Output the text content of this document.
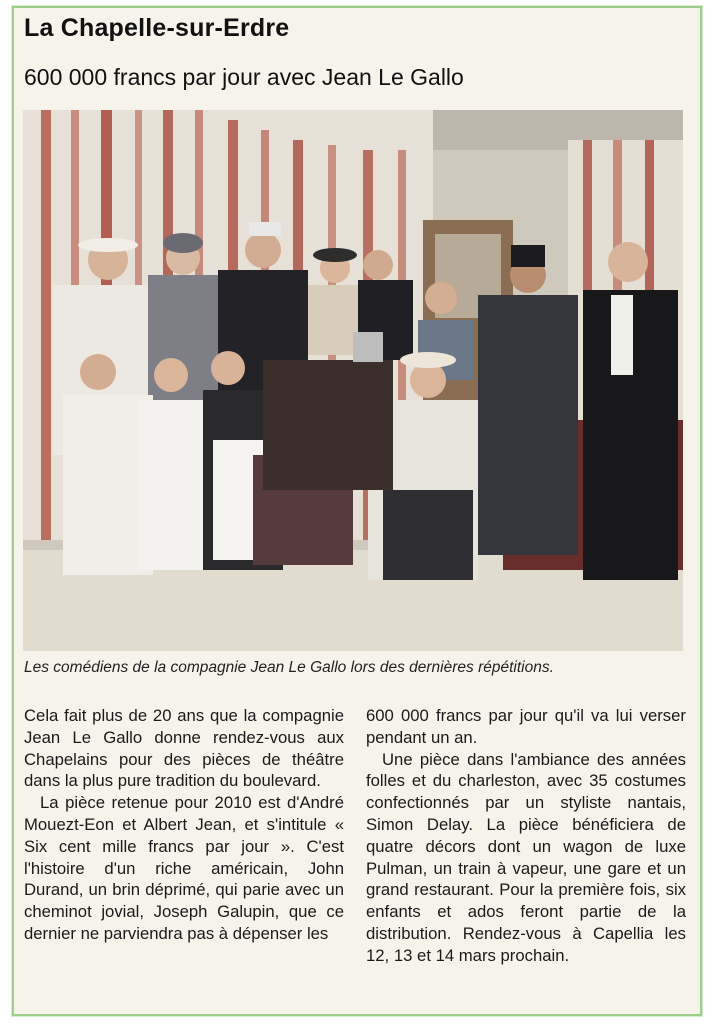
La Chapelle-sur-Erdre
600 000 francs par jour avec Jean Le Gallo
Les comédiens de la compagnie Jean Le Gallo lors des dernières répétitions.

Cela fait plus de 20 ans que la compagnie Jean Le Gallo donne rendez-vous aux Chapelains pour des pièces de théâtre dans la plus pure tradition du boulevard.

La pièce retenue pour 2010 est d'André Mouezt-Eon et Albert Jean, et s'intitule « Six cent mille francs par jour ». C'est l'histoire d'un riche américain, John Durand, un brin déprimé, qui parie avec un cheminot jovial, Joseph Galupin, que ce dernier ne parviendra pas à dépenser les

600 000 francs par jour qu'il va lui verser pendant un an.

Une pièce dans l'ambiance des années folles et du charleston, avec 35 costumes confectionnés par un styliste nantais, Simon Delay. La pièce bénéficiera de quatre décors dont un wagon de luxe Pulman, un train à vapeur, une gare et un grand restaurant. Pour la première fois, six enfants et ados feront partie de la distribution. Rendez-vous à Capellia les 12, 13 et 14 mars prochain.
